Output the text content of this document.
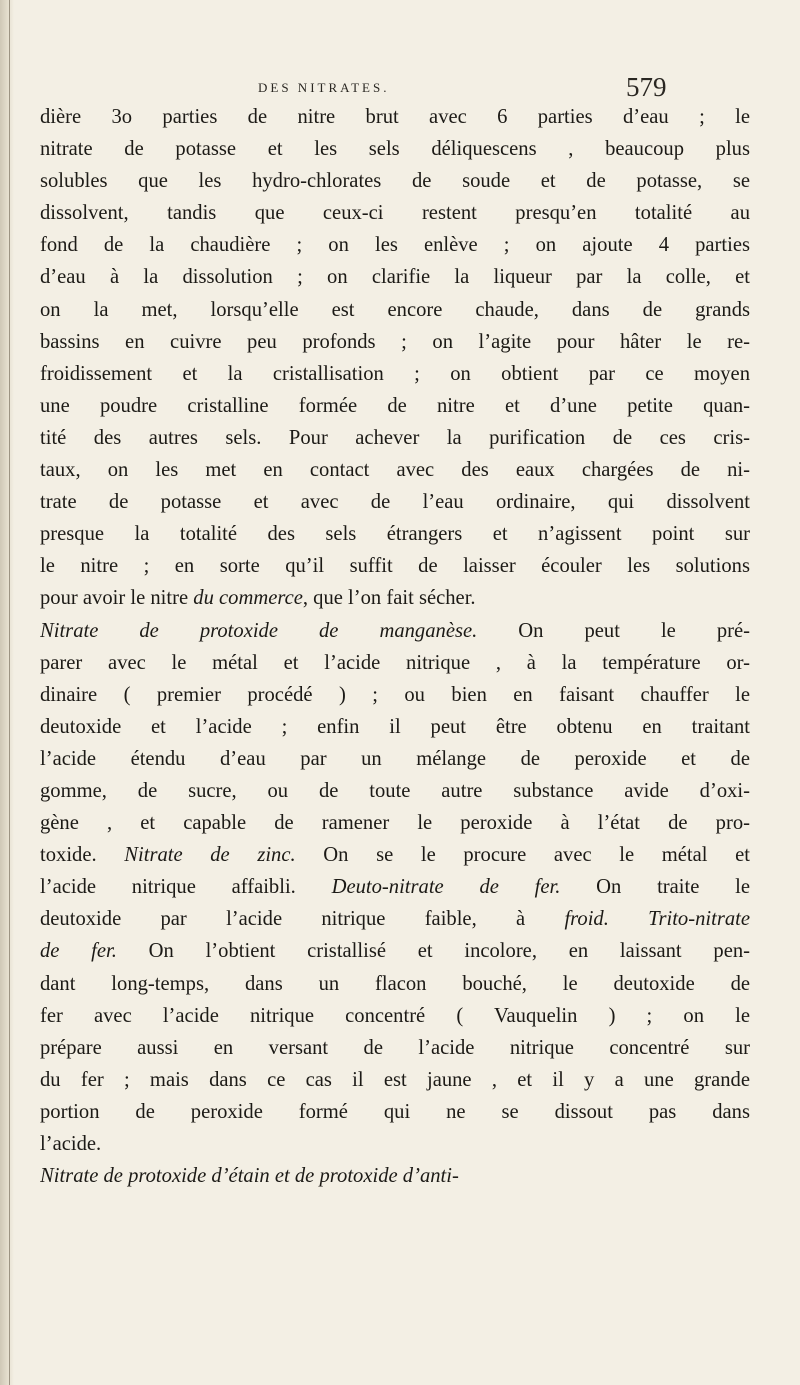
DES NITRATES.	579
dière 3o parties de nitre brut avec 6 parties d’eau ; le
nitrate de potasse et les sels déliquescens , beaucoup plus
solubles que les hydro-chlorates de soude et de potasse, se
dissolvent, tandis que ceux-ci restent presqu’en totalité au
fond de la chaudière ; on les enlève ; on ajoute 4 parties
d’eau à la dissolution ; on clarifie la liqueur par la colle, et
on la met, lorsqu’elle est encore chaude, dans de grands
bassins en cuivre peu profonds ; on l’agite pour hâter le re-
froidissement et la cristallisation ; on obtient par ce moyen
une poudre cristalline formée de nitre et d’une petite quan-
tité des autres sels. Pour achever la purification de ces cris-
taux, on les met en contact avec des eaux chargées de ni-
trate de potasse et avec de l’eau ordinaire, qui dissolvent
presque la totalité des sels étrangers et n’agissent point sur
le nitre ; en sorte qu’il suffit de laisser écouler les solutions
pour avoir le nitre du commerce, que l’on fait sécher.
Nitrate de protoxide de manganèse. On peut le pré-
parer avec le métal et l’acide nitrique , à la température or-
dinaire ( premier procédé ) ; ou bien en faisant chauffer le
deutoxide et l’acide ; enfin il peut être obtenu en traitant
l’acide étendu d’eau par un mélange de peroxide et de
gomme, de sucre, ou de toute autre substance avide d’oxi-
gène , et capable de ramener le peroxide à l’état de pro-
toxide. Nitrate de zinc. On se le procure avec le métal et
l’acide nitrique affaibli. Deuto-nitrate de fer. On traite le
deutoxide par l’acide nitrique faible, à froid. Trito-nitrate
de fer. On l’obtient cristallisé et incolore, en laissant pen-
dant long-temps, dans un flacon bouché, le deutoxide de
fer avec l’acide nitrique concentré ( Vauquelin ) ; on le
prépare aussi en versant de l’acide nitrique concentré sur
du fer ; mais dans ce cas il est jaune , et il y a une grande
portion de peroxide formé qui ne se dissout pas dans
l’acide.
Nitrate de protoxide d’étain et de protoxide d’anti-
